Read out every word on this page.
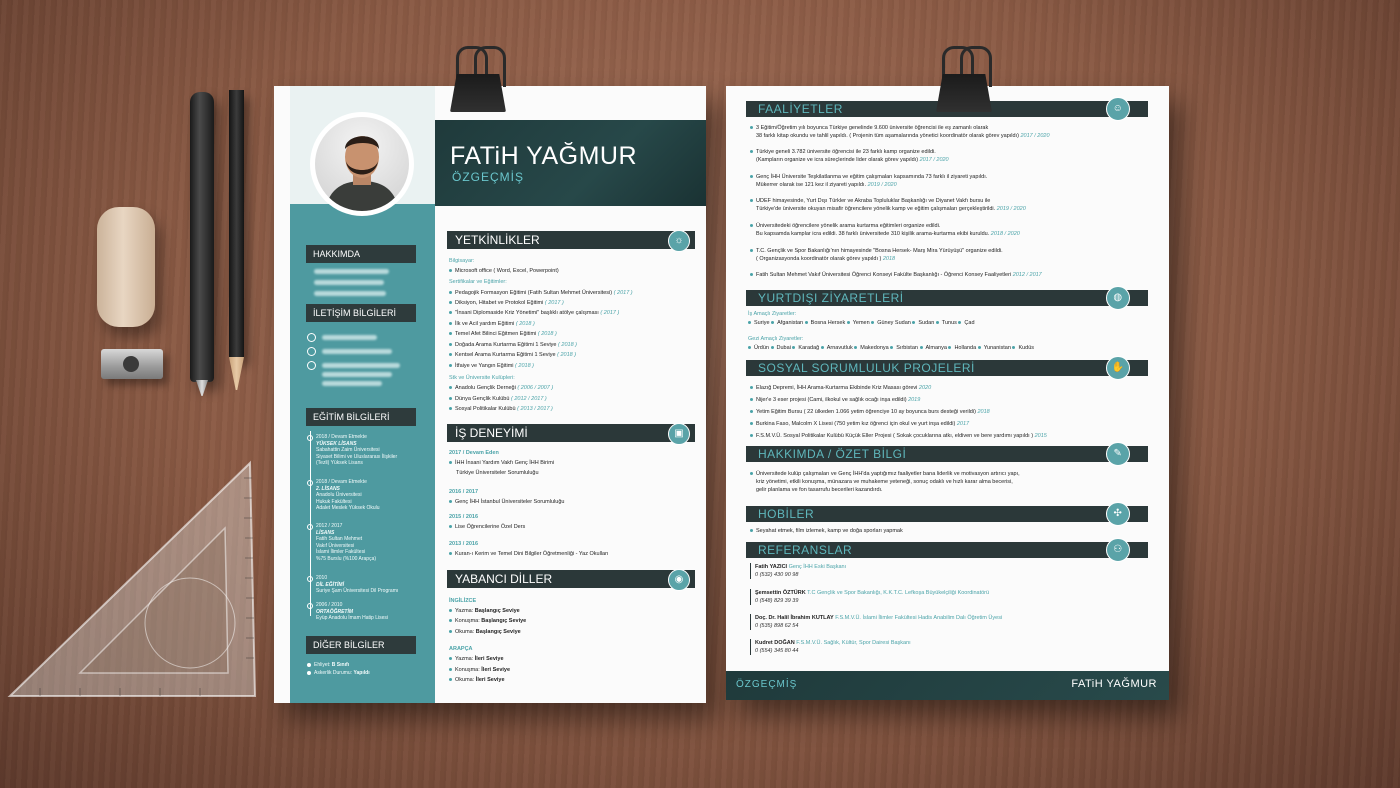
FATiH YAĞMUR
ÖZGEÇMİŞ
HAKKIMDA
İLETİŞİM BİLGİLERİ
EĞİTİM BİLGİLERİ
2018 / Devam Etmekte
YÜKSEK LİSANS
Sabahattin Zaim Üniversitesi
Siyaset Bilimi ve Uluslararası İlişkiler
(Tezli) Yüksek Lisans
2018 / Devam Etmekte
2. LİSANS
Anadolu Üniversitesi
Hukuk Fakültesi
Adalet Meslek Yüksek Okulu
2012 / 2017
LİSANS
Fatih Sultan Mehmet
Vakıf Üniversitesi
İslami İlimler Fakültesi
%75 Burslu (%100 Arapça)
2010
DİL EĞİTİMİ
Suriye Şam Üniversitesi Dil Programı
2006 / 2010
ORTAÖĞRETİM
Eyüp Anadolu İmam Hatip Lisesi
DİĞER BİLGİLER
Ehliyet: B Sınıfı
Askerlik Durumu: Yapıldı
YETKİNLİKLER	☼
Bilgisayar:
Microsoft office ( Word, Excel, Powerpoint)
Sertifikalar ve Eğitimler:
Pedagojik Formasyon Eğitimi (Fatih Sultan Mehmet Üniversitesi) ( 2017 )
Diksiyon, Hitabet ve Protokol Eğitimi ( 2017 )
"İnsani Diplomaside Kriz Yönetimi" başlıklı atölye çalışması ( 2017 )
İlk ve Acil yardım Eğitimi ( 2018 )
Temel Afet Bilinci Eğitmen Eğitimi ( 2018 )
Doğada Arama Kurtarma Eğitimi 1 Seviye ( 2018 )
Kentsel Arama Kurtarma Eğitimi 1 Seviye ( 2018 )
İtfaiye ve Yangın Eğitimi ( 2018 )
Stk ve Üniversite Kulüpleri:
Anadolu Gençlik Derneği ( 2006 / 2007 )
Dünya Gençlik Kulübü ( 2012 / 2017 )
Sosyal Politikalar Kulübü ( 2013 / 2017 )
İŞ DENEYİMİ	▣
2017 / Devam Eden
İHH İnsani Yardım Vakfı Genç İHH Birimi
Türkiye Üniversiteler Sorumluluğu
2016 / 2017
Genç İHH İstanbul Üniversiteler Sorumluluğu
2015 / 2016
Lise Öğrencilerine Özel Ders
2013 / 2016
Kuran-ı Kerim ve Temel Dini Bilgiler Öğretmenliği - Yaz Okulları
YABANCI DİLLER	◉
İNGİLİZCE
Yazma: Başlangıç Seviye
Konuşma: Başlangıç Seviye
Okuma: Başlangıç Seviye
ARAPÇA
Yazma: İleri Seviye
Konuşma: İleri Seviye
Okuma: İleri Seviye
FAALİYETLER	☺
3 Eğitim/Öğretim yılı boyunca Türkiye genelinde 9.600 üniversite öğrencisi ile eş zamanlı olarak
38 farklı kitap okundu ve tahlil yapıldı. ( Projenin tüm aşamalarında yönetici koordinatör olarak görev yapıldı) 2017 / 2020
Türkiye geneli 3.782 üniversite öğrencisi ile 23 farklı kamp organize edildi.
(Kampların organize ve icra süreçlerinde lider olarak görev yapıldı) 2017 / 2020
Genç İHH Üniversite Teşkilatlanma ve eğitim çalışmaları kapsamında 73 farklı il ziyareti yapıldı.
Mükerrer olarak ise 121 kez il ziyareti yapıldı. 2019 / 2020
UDEF himayesinde, Yurt Dışı Türkler ve Akraba Topluluklar Başkanlığı ve Diyanet Vakfı bursu ile
Türkiye'de üniversite okuyan misafir öğrencilere yönelik kamp ve eğitim çalışmaları gerçekleştirildi. 2019 / 2020
Üniversitedeki öğrencilere yönelik arama kurtarma eğitimleri organize edildi.
Bu kapsamda kamplar icra edildi. 38 farklı üniversitede 310 kişilik arama-kurtarma ekibi kuruldu. 2018 / 2020
T.C. Gençlik ve Spor Bakanlığı'nın himayesinde "Bosna Hersek- Marş Mira Yürüyüşü" organize edildi.
( Organizasyonda koordinatör olarak görev yapıldı ) 2018
Fatih Sultan Mehmet Vakıf Üniversitesi Öğrenci Konseyi Fakülte Başkanlığı - Öğrenci Konsey Faaliyetleri 2012 / 2017
YURTDIŞI ZİYARETLERİ	◍
İş Amaçlı Ziyaretler:
Suriye Afganistan Bosna Hersek Yemen Güney Sudan Sudan Tunus Çad
Gezi Amaçlı Ziyaretler:
Ürdün Dubai Karadağ Arnavutluk Makedonya Sırbistan Almanya Hollanda Yunanistan Kudüs
SOSYAL SORUMLULUK PROJELERİ	✋
Elazığ Depremi, İHH Arama-Kurtarma Ekibinde Kriz Masası görevi 2020
Nijer'e 3 eser projesi (Cami, ilkokul ve sağlık ocağı inşa edildi) 2019
Yetim Eğitim Bursu ( 22 ülkeden 1.066 yetim öğrenciye 10 ay boyunca burs desteği verildi) 2018
Burkina Faso, Malcolm X Lisesi (750 yetim kız öğrenci için okul ve yurt inşa edildi) 2017
F.S.M.V.Ü. Sosyal Politikalar Kulübü Küçük Eller Projesi ( Sokak çocuklarına atkı, eldiven ve bere yardımı yapıldı ) 2015
HAKKIMDA / ÖZET BİLGİ	✎
Üniversitede kulüp çalışmaları ve Genç İHH'da yaptığımız faaliyetler bana liderlik ve motivasyon artırıcı yapı,
kriz yönetimi, etkili konuşma, münazara ve muhakeme yeteneği, sonuç odaklı ve hızlı karar alma becerisi,
gelir planlama ve fon tasarrufu becerileri kazandırdı.
HOBİLER	✣
Seyahat etmek, film izlemek, kamp ve doğa sporları yapmak
REFERANSLAR	⚇
Fatih YAZICI Genç İHH Eski Başkanı
0 (532) 430 90 98
Şemsettin ÖZTÜRK T.C Gençlik ve Spor Bakanlığı, K.K.T.C. Lefkoşa Büyükelçiliği Koordinatörü
0 (548) 829 39 39
Doç. Dr. Halil İbrahim KUTLAY F.S.M.V.Ü. İslami İlimler Fakültesi Hadis Anabilim Dalı Öğretim Üyesi
0 (535) 898 62 54
Kudret DOĞAN F.S.M.V.Ü. Sağlık, Kültür, Spor Dairesi Başkanı
0 (554) 345 80 44
ÖZGEÇMİŞ	FATiH YAĞMUR
